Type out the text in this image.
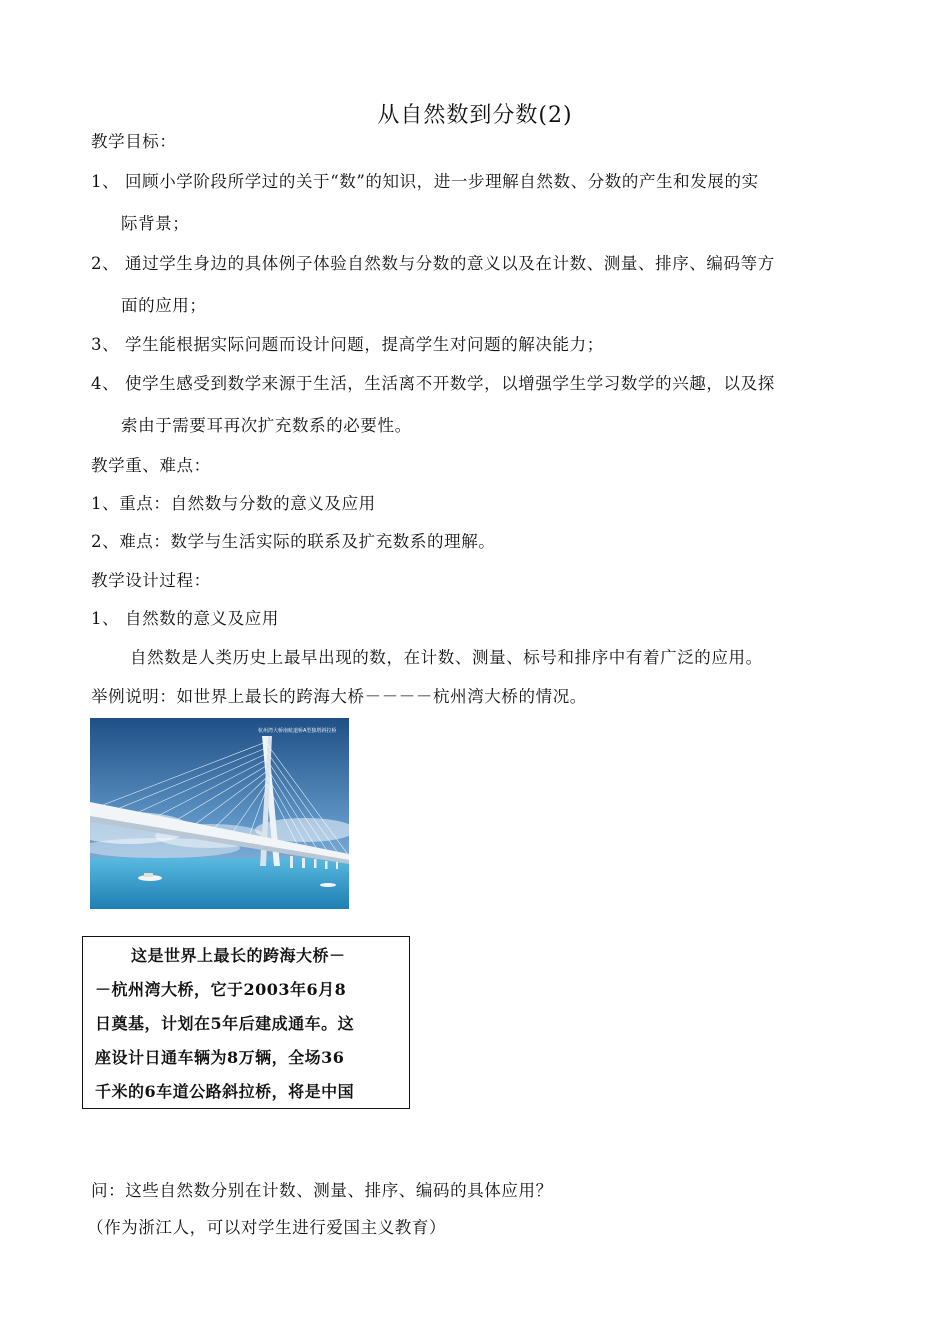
从自然数到分数(2)
教学目标：
1、 回顾小学阶段所学过的关于“数”的知识，进一步理解自然数、分数的产生和发展的实
际背景；
2、 通过学生身边的具体例子体验自然数与分数的意义以及在计数、测量、排序、编码等方
面的应用；
3、 学生能根据实际问题而设计问题，提高学生对问题的解决能力；
4、 使学生感受到数学来源于生活，生活离不开数学，以增强学生学习数学的兴趣，以及探
索由于需要耳再次扩充数系的必要性。
教学重、难点：
1、重点：自然数与分数的意义及应用
2、难点：数学与生活实际的联系及扩充数系的理解。
教学设计过程：
1、 自然数的意义及应用
自然数是人类历史上最早出现的数，在计数、测量、标号和排序中有着广泛的应用。
举例说明：如世界上最长的跨海大桥－－－－杭州湾大桥的情况。
杭州湾大桥南航道桥A型独塔斜拉桥
这是世界上最长的跨海大桥－
－杭州湾大桥，它于2003年6月8
日奠基，计划在5年后建成通车。这
座设计日通车辆为8万辆，全场36
千米的6车道公路斜拉桥，将是中国
问：这些自然数分别在计数、测量、排序、编码的具体应用？
（作为浙江人，可以对学生进行爱国主义教育）
